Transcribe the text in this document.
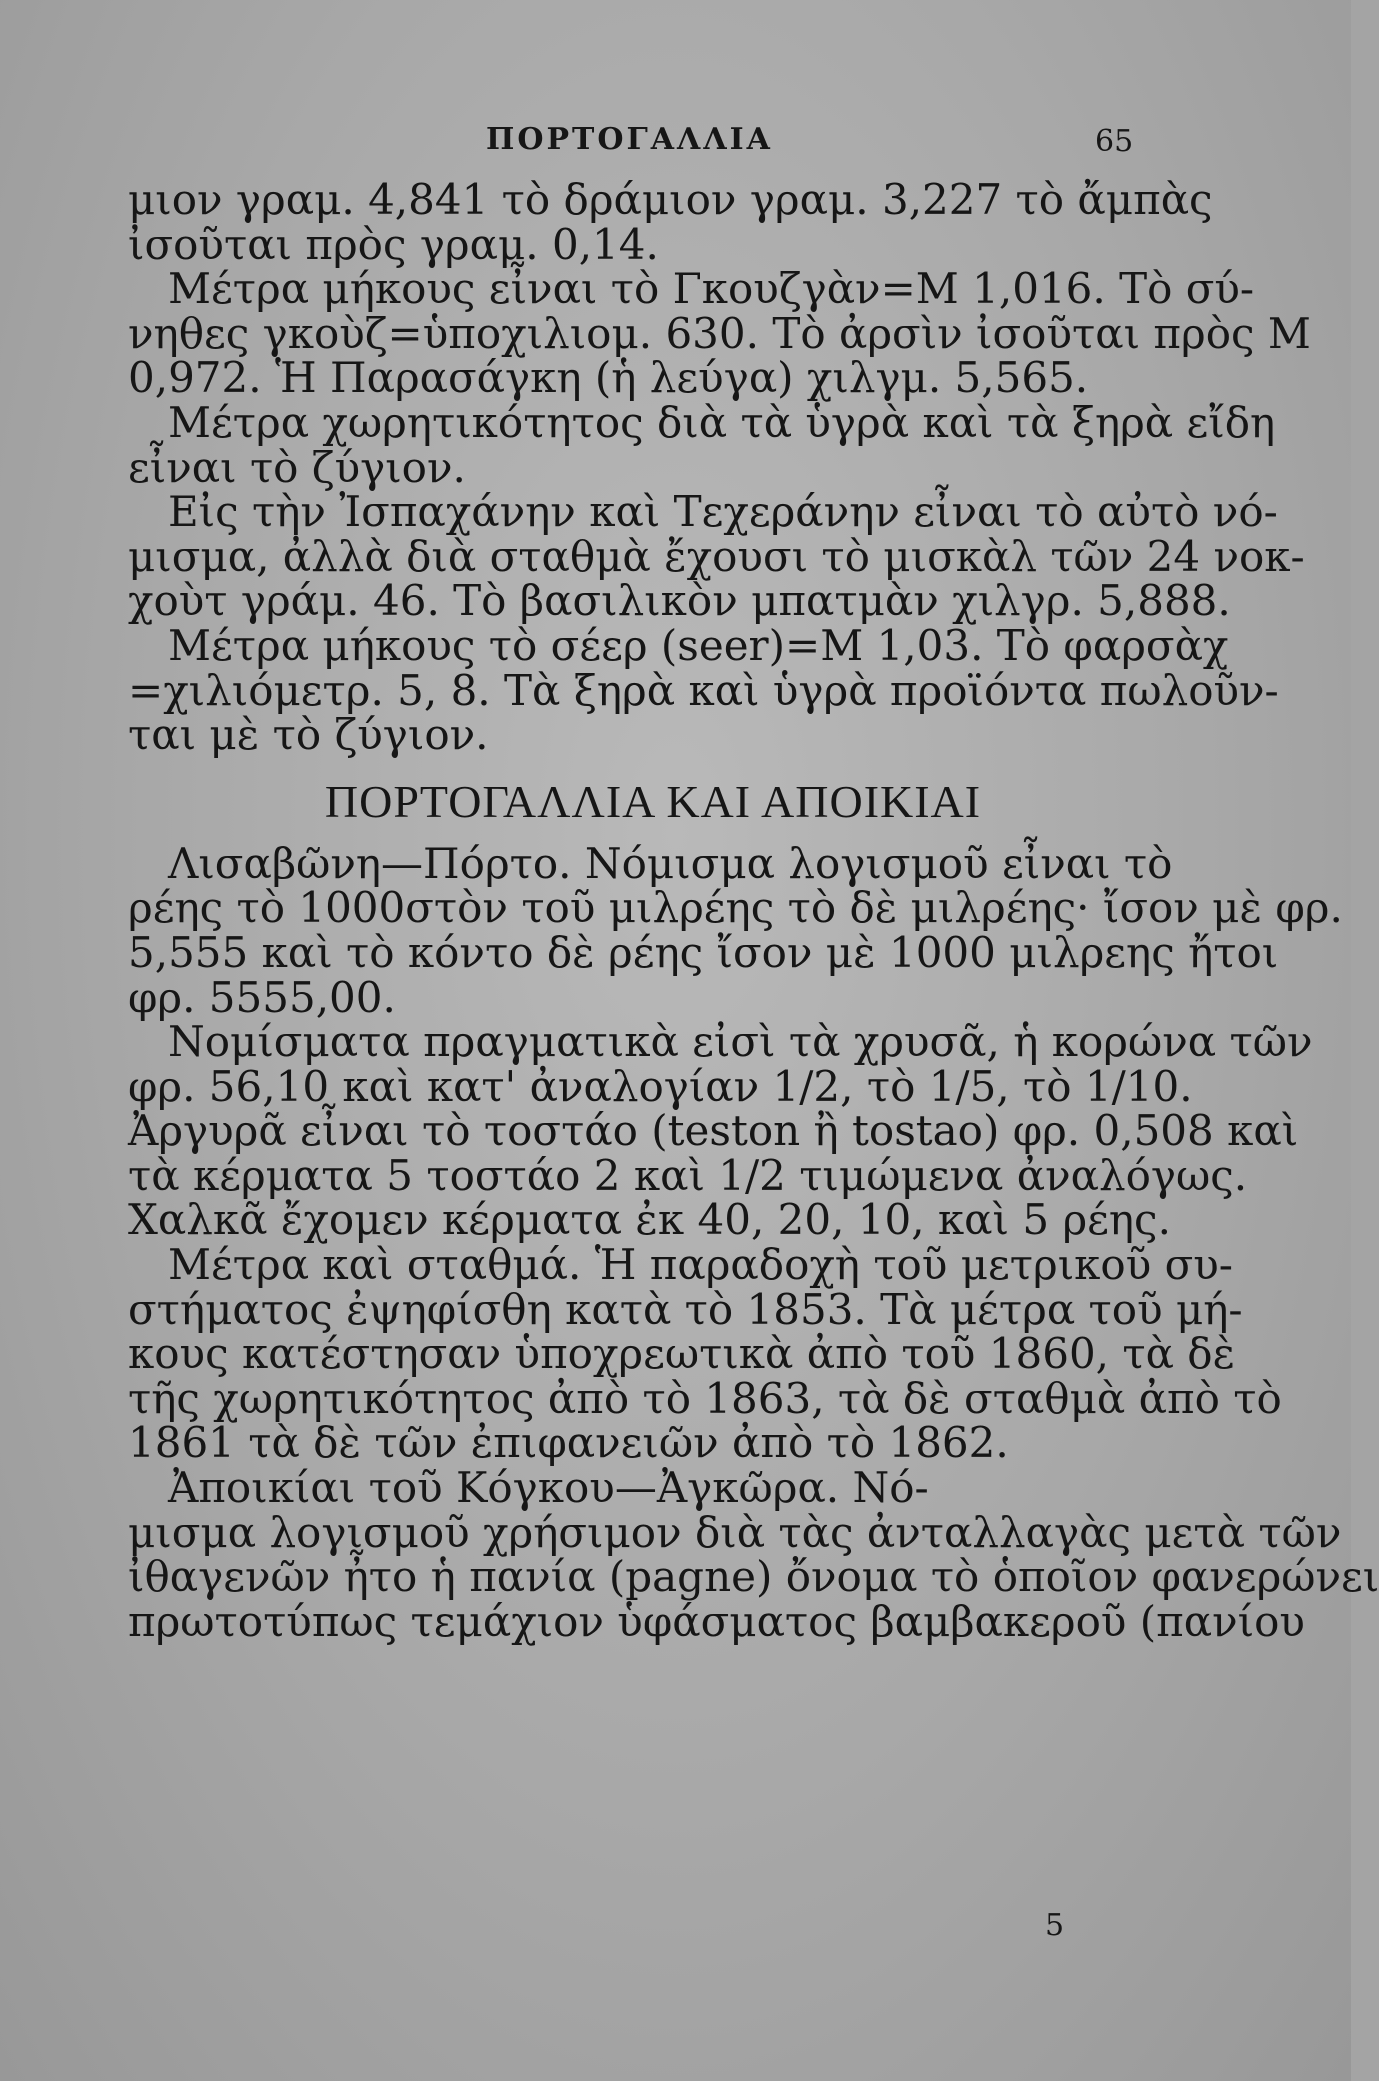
ΠΟΡΤΟΓΑΛΛΙΑ	65
μιον γραμ. 4,841 τὸ δράμιον γραμ. 3,227 τὸ ἄμπὰς
ἰσοῦται πρὸς γραμ. 0,14.
Μέτρα μήκους εἶναι τὸ Γκουζγὰν=Μ 1,016. Τὸ σύ-
νηθες γκοὺζ=ὑποχιλιομ. 630. Τὸ ἀρσὶν ἰσοῦται πρὸς Μ
0,972. Ἡ Παρασάγκη (ἡ λεύγα) χιλγμ. 5,565.
Μέτρα χωρητικότητος διὰ τὰ ὑγρὰ καὶ τὰ ξηρὰ εἴδη
εἶναι τὸ ζύγιον.
Εἰς τὴν Ἰσπαχάνην καὶ Τεχεράνην εἶναι τὸ αὐτὸ νό-
μισμα, ἀλλὰ διὰ σταθμὰ ἔχουσι τὸ μισκὰλ τῶν 24 νοκ-
χοὺτ γράμ. 46. Τὸ βασιλικὸν μπατμὰν χιλγρ. 5,888.
Μέτρα μήκους τὸ σέερ (seer)=Μ 1,03. Τὸ φαρσὰχ
=χιλιόμετρ. 5, 8. Τὰ ξηρὰ καὶ ὑγρὰ προϊόντα πωλοῦν-
ται μὲ τὸ ζύγιον.
ΠΟΡΤΟΓΑΛΛΙΑ ΚΑΙ ΑΠΟΙΚΙΑΙ
Λισαβῶνη—Πόρτο. Νόμισμα λογισμοῦ εἶναι τὸ
ρέης τὸ 1000στὸν τοῦ μιλρέης τὸ δὲ μιλρέης· ἴσον μὲ φρ.
5,555 καὶ τὸ κόντο δὲ ρέης ἴσον μὲ 1000 μιλρεης ἤτοι
φρ. 5555,00.
Νομίσματα πραγματικὰ εἰσὶ τὰ χρυσᾶ, ἡ κορώνα τῶν
φρ. 56,10 καὶ κατ' ἀναλογίαν 1/2, τὸ 1/5, τὸ 1/10.
Ἀργυρᾶ εἶναι τὸ τοστάο (teston ἢ tostao) φρ. 0,508 καὶ
τὰ κέρματα 5 τοστάο 2 καὶ 1/2 τιμώμενα ἀναλόγως.
Χαλκᾶ ἔχομεν κέρματα ἐκ 40, 20, 10, καὶ 5 ρέης.
Μέτρα καὶ σταθμά. Ἡ παραδοχὴ τοῦ μετρικοῦ συ-
στήματος ἐψηφίσθη κατὰ τὸ 1853. Τὰ μέτρα τοῦ μή-
κους κατέστησαν ὑποχρεωτικὰ ἀπὸ τοῦ 1860, τὰ δὲ
τῆς χωρητικότητος ἀπὸ τὸ 1863, τὰ δὲ σταθμὰ ἀπὸ τὸ
1861 τὰ δὲ τῶν ἐπιφανειῶν ἀπὸ τὸ 1862.
Ἀποικίαι τοῦ Κόγκου—Ἀγκῶρα. Νό-
μισμα λογισμοῦ χρήσιμον διὰ τὰς ἀνταλλαγὰς μετὰ τῶν
ἰθαγενῶν ἦτο ἡ πανία (pagne) ὄνομα τὸ ὁποῖον φανερώνει
πρωτοτύπως τεμάχιον ὑφάσματος βαμβακεροῦ (πανίου
5
